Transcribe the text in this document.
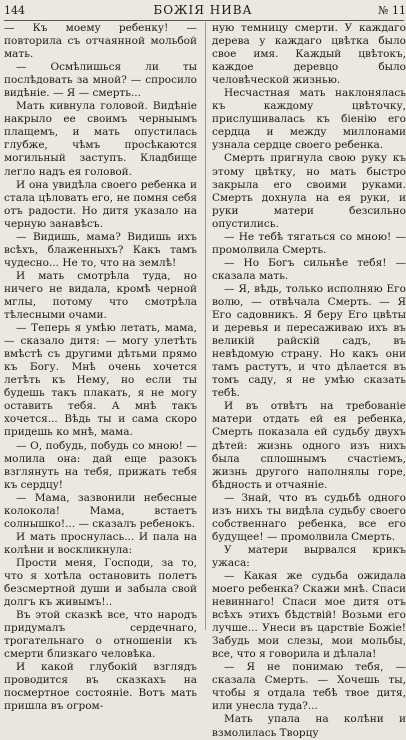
144	БОЖІЯ НИВА	№ 11

— Къ моему ребенку! — повторила съ отчаянной мольбой мать.

— Осмѣлишься ли ты послѣдовать за мной? — спросило видѣніе. — Я — смерть...

Мать кивнула головой. Видѣніе накрыло ее своимъ черныымъ плащемъ, и мать опустилась глубже, чѣмъ просѣкаются могильный заступъ. Кладбище легло надъ ея головой.

И она увидѣла своего ребенка и стала цѣловать его, не помня себя отъ радости. Но дитя указало на черную занавѣсъ.

— Видишь, мама? Видишь ихъ всѣхъ, блаженныхъ? Какъ тамъ чудесно... Не то, что на землѣ!

И мать смотрѣла туда, но ничего не видала, кромѣ черной мглы, потому что смотрѣла тѣлесными очами.

— Теперь я умѣю летать, мама, — сказало дитя: — могу улетѣть вмѣстѣ съ другими дѣтьми прямо къ Богу. Мнѣ очень хочется летѣть къ Нему, но если ты будешь такъ плакать, я не могу оставить тебя. А мнѣ такъ хочется... Вѣдь ты и сама скоро придешь ко мнѣ, мама.

— О, побудь, побудь со мною! — молила она: дай еще разокъ взглянуть на тебя, прижать тебя къ сердцу!

— Мама, зазвонили небесные колокола! Мама, встаетъ солнышко!... — сказалъ ребенокъ.

И мать проснулась... И пала на колѣни и воскликнула:

Прости меня, Господи, за то, что я хотѣла остановить полетъ безсмертной души и забыла свой долгъ къ живымъ!..

Въ этой сказкѣ все, что народъ придумалъ сердечнаго, трогательнаго о отношеніи къ смерти близкаго человѣка.

И какой глубокій взглядъ проводится въ сказкахъ на посмертное состояніе. Вотъ мать пришла въ огром-

ную темницу смерти. У каждаго дерева у каждаго цвѣтка было свое имя. Каждый цвѣтокъ, каждое деревцо было человѣческой жизнью.

Несчастная мать наклонялась къ каждому цвѣточку, прислушивалась къ біенію его сердца и между миллонами узнала сердце своего ребенка.

Смерть пригнула свою руку къ этому цвѣтку, но мать быстро закрыла его своими руками. Смерть дохнула на ея руки, и руки матери безсильно опустились.

— Не тебѣ тягаться со мною! — промолвила Смерть.

— Но Богъ сильнѣе тебя! — сказала мать.

— Я, вѣдь, только исполняю Его волю, — отвѣчала Смерть. — Я Его садовникъ. Я беру Его цвѣты и деревья и пересаживаю ихъ въ великій райскій садъ, въ невѣдомую страну. Но какъ они тамъ растутъ, и что дѣлается въ томъ саду, я не умѣю сказать тебѣ.

И въ отвѣтъ на требованіе матери отдать ей ея ребенка, Смерть показала ей судьбу двухъ дѣтей: жизнь одного изъ нихъ была сплошнымъ счастіемъ, жизнь другого наполнялы горе, бѣдность и отчаяніе.

— Знай, что въ судьбѣ одного изъ нихъ ты видѣла судьбу своего собственнаго ребенка, все его будущее! — промолвила Смерть.

У матери вырвался крикъ ужаса:

— Какая же судьба ожидала моего ребенка? Скажи мнѣ. Спаси невиннаго! Спаси мое дитя отъ всѣхъ этихъ бѣдствій! Возьми его лучше... Унеси въ царствіе Божіе! Забудь мои слезы, мои мольбы, все, что я говорила и дѣлала!

— Я не понимаю тебя, — сказала Смерть. — Хочешь ты, чтобы я отдала тебѣ твое дитя, или унесла туда?...

Мать упала на колѣни и взмолилась Творцу
